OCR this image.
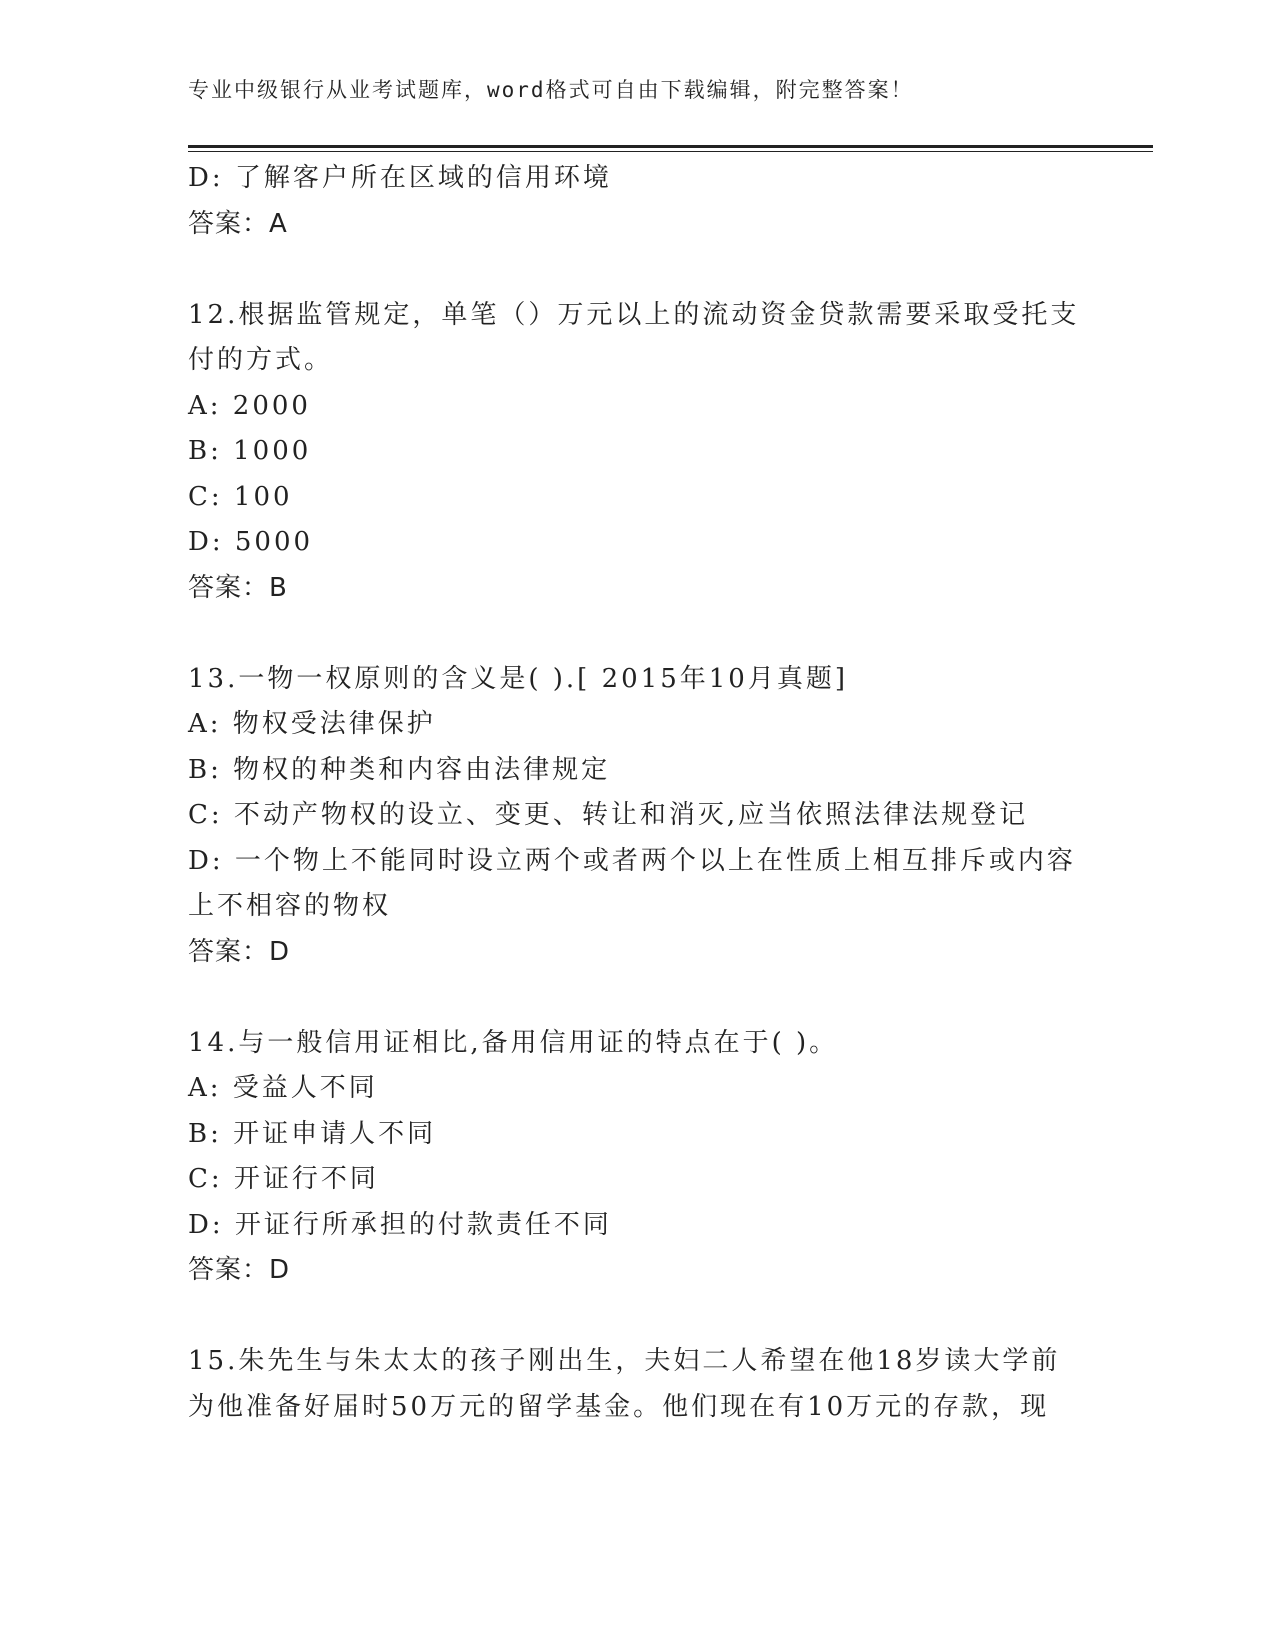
专业中级银行从业考试题库，word格式可自由下载编辑，附完整答案！
D: 了解客户所在区域的信用环境
答案：A
12.根据监管规定，单笔（）万元以上的流动资金贷款需要采取受托支
付的方式。
A: 2000
B: 1000
C: 100
D: 5000
答案：B
13.一物一权原则的含义是( ).[ 2015年10月真题]
A: 物权受法律保护
B: 物权的种类和内容由法律规定
C: 不动产物权的设立、变更、转让和消灭,应当依照法律法规登记
D: 一个物上不能同时设立两个或者两个以上在性质上相互排斥或内容
上不相容的物权
答案：D
14.与一般信用证相比,备用信用证的特点在于( )。
A: 受益人不同
B: 开证申请人不同
C: 开证行不同
D: 开证行所承担的付款责任不同
答案：D
15.朱先生与朱太太的孩子刚出生，夫妇二人希望在他18岁读大学前
为他准备好届时50万元的留学基金。他们现在有10万元的存款，现
